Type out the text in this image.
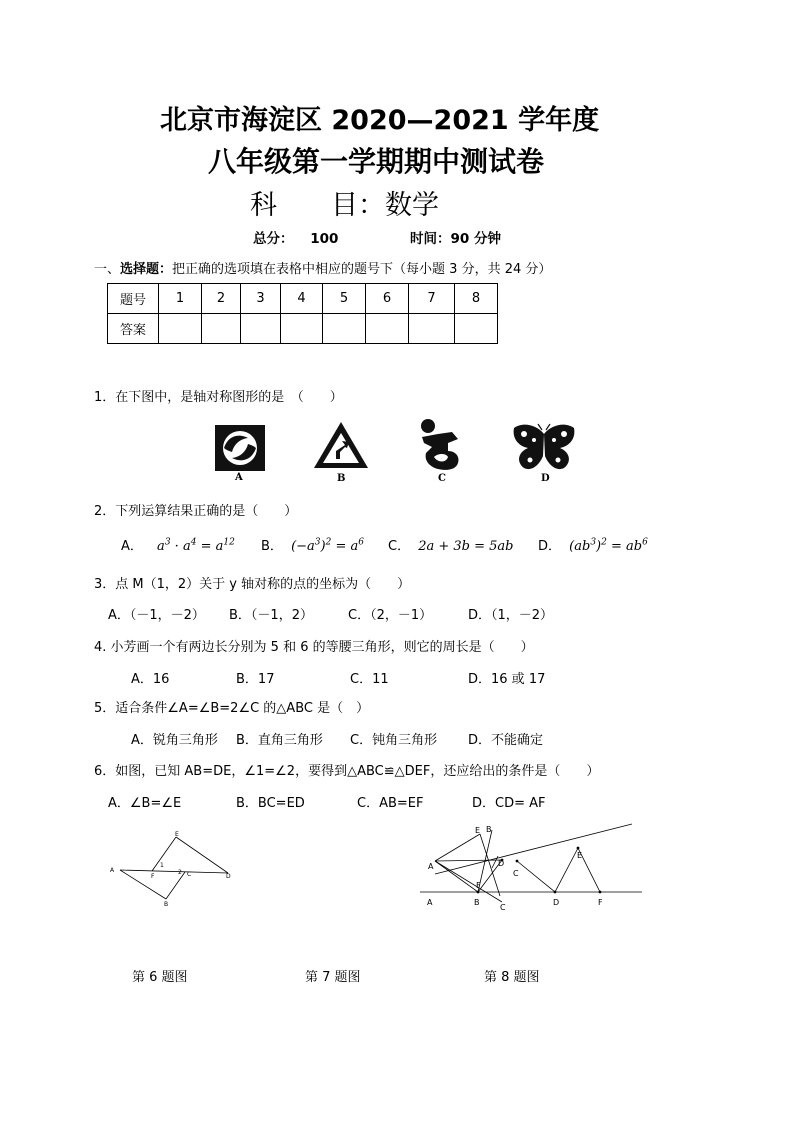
北京市海淀区 2020—2021 学年度
八年级第一学期期中测试卷
科　　目：数学
总分： 100	时间：90 分钟
一、选择题：把正确的选项填在表格中相应的题号下（每小题 3 分，共 24 分）
题号	1	2	3	4	5	6	7	8
答案								
1．在下图中，是轴对称图形的是　（　　）
A	B	C	D
2．下列运算结果正确的是（　　）
A． $a^3 \cdot a^4 = a^{12}$ B． $(-a^3)^2 = a^6$ C． 2a + 3b = 5ab D． $(ab^3)^2 = ab^6$
3．点 M（1，2）关于 y 轴对称的点的坐标为（　　）
A．（－1，－2） B．（－1，2）	C．（2，－1）	D．（1，－2）
4. 小芳画一个有两边长分别为 5 和 6 的等腰三角形，则它的周长是（　　）
A．16	B．17	C．11	D．16 或 17
5．适合条件∠A=∠B=2∠C 的△ABC 是（　）
A．锐角三角形 B．直角三角形 C．钝角三角形 D．不能确定
6．如图，已知 AB=DE，∠1=∠2，要得到△ABC≌△DEF，还应给出的条件是（　　）
A．∠B=∠E	B．BC=ED	C．AB=EF	D．CD= AF
E
A
F
1
2 C	D
B
E B
A	D
F
C
E
A	B
C
D	F
第 6 题图	第 7 题图	第 8 题图
